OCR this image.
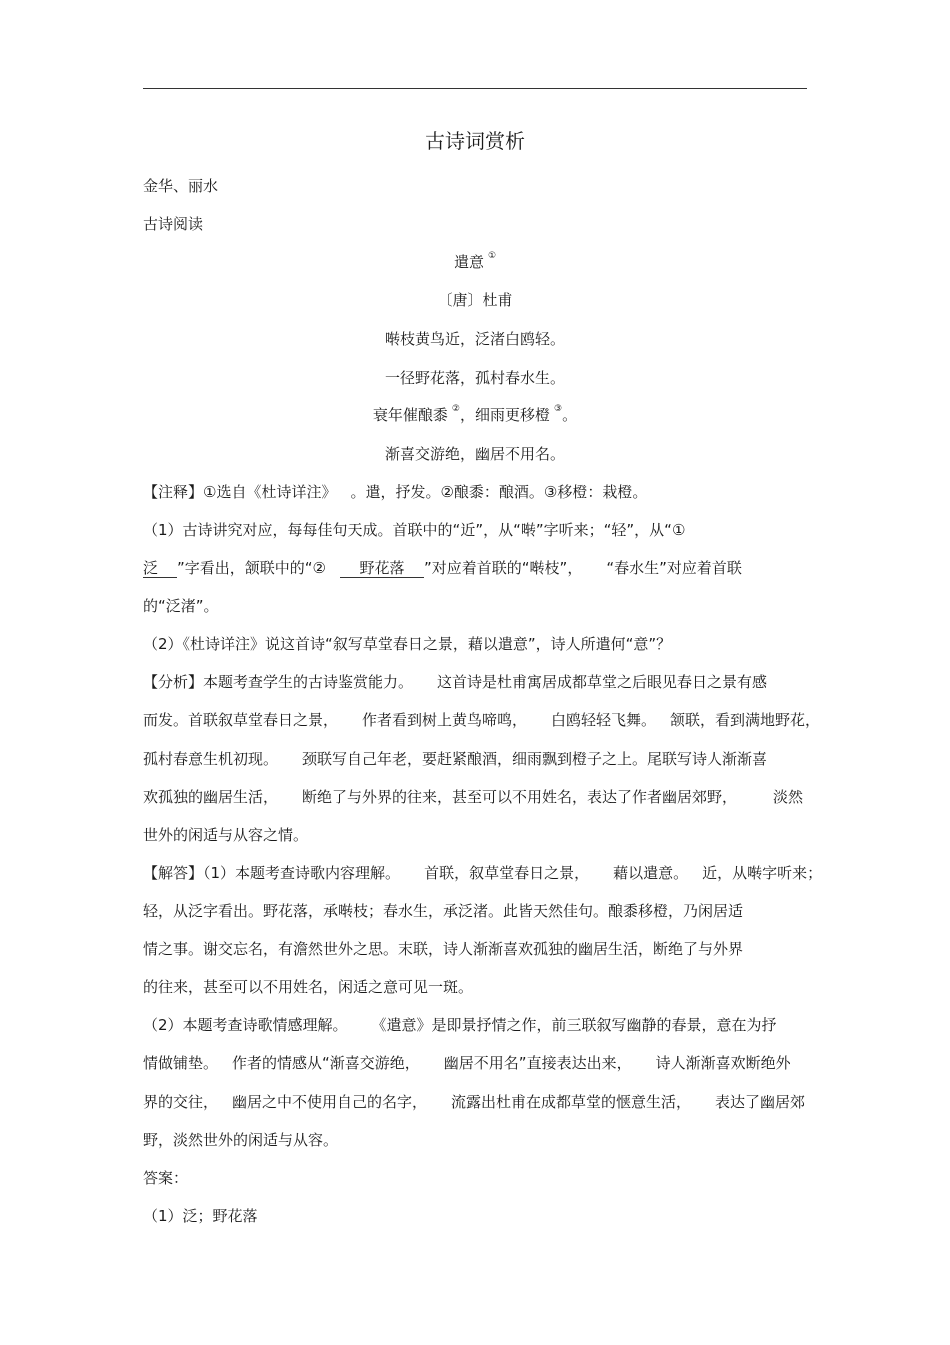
古诗词赏析
金华、丽水
古诗阅读
遣意 ①
〔唐〕杜甫
啭枝黄鸟近，泛渚白鸥轻。
一径野花落，孤村春水生。
衰年催酿黍 ②，细雨更移橙 ③。
渐喜交游绝，幽居不用名。
【注释】①选自《杜诗详注》 。遣，抒发。②酿黍：酿酒。③移橙：栽橙。
（1）古诗讲究对应，每每佳句天成。首联中的“近”，从“啭”字听来；“轻”，从“①
泛 ”字看出，颔联中的“② 野花落 ”对应着首联的“啭枝”， “春水生”对应着首联
的“泛渚”。
（2）《杜诗详注》说这首诗“叙写草堂春日之景，藉以遣意”，诗人所遣何“意”？
【分析】本题考查学生的古诗鉴赏能力。 这首诗是杜甫寓居成都草堂之后眼见春日之景有感
而发。首联叙草堂春日之景， 作者看到树上黄鸟啼鸣， 白鸥轻轻飞舞。 颔联，看到满地野花，
孤村春意生机初现。 颈联写自己年老，要赶紧酿酒，细雨飘到橙子之上。尾联写诗人渐渐喜
欢孤独的幽居生活， 断绝了与外界的往来，甚至可以不用姓名，表达了作者幽居郊野， 淡然
世外的闲适与从容之情。
【解答】（1）本题考查诗歌内容理解。 首联，叙草堂春日之景， 藉以遣意。 近，从啭字听来；
轻，从泛字看出。野花落，承啭枝；春水生，承泛渚。此皆天然佳句。酿黍移橙，乃闲居适
情之事。谢交忘名，有澹然世外之思。末联，诗人渐渐喜欢孤独的幽居生活，断绝了与外界
的往来，甚至可以不用姓名，闲适之意可见一斑。
（2）本题考查诗歌情感理解。 《遣意》是即景抒情之作，前三联叙写幽静的春景，意在为抒
情做铺垫。 作者的情感从“渐喜交游绝， 幽居不用名”直接表达出来， 诗人渐渐喜欢断绝外
界的交往， 幽居之中不使用自己的名字， 流露出杜甫在成都草堂的惬意生活， 表达了幽居郊
野，淡然世外的闲适与从容。
答案：
（1）泛；野花落
